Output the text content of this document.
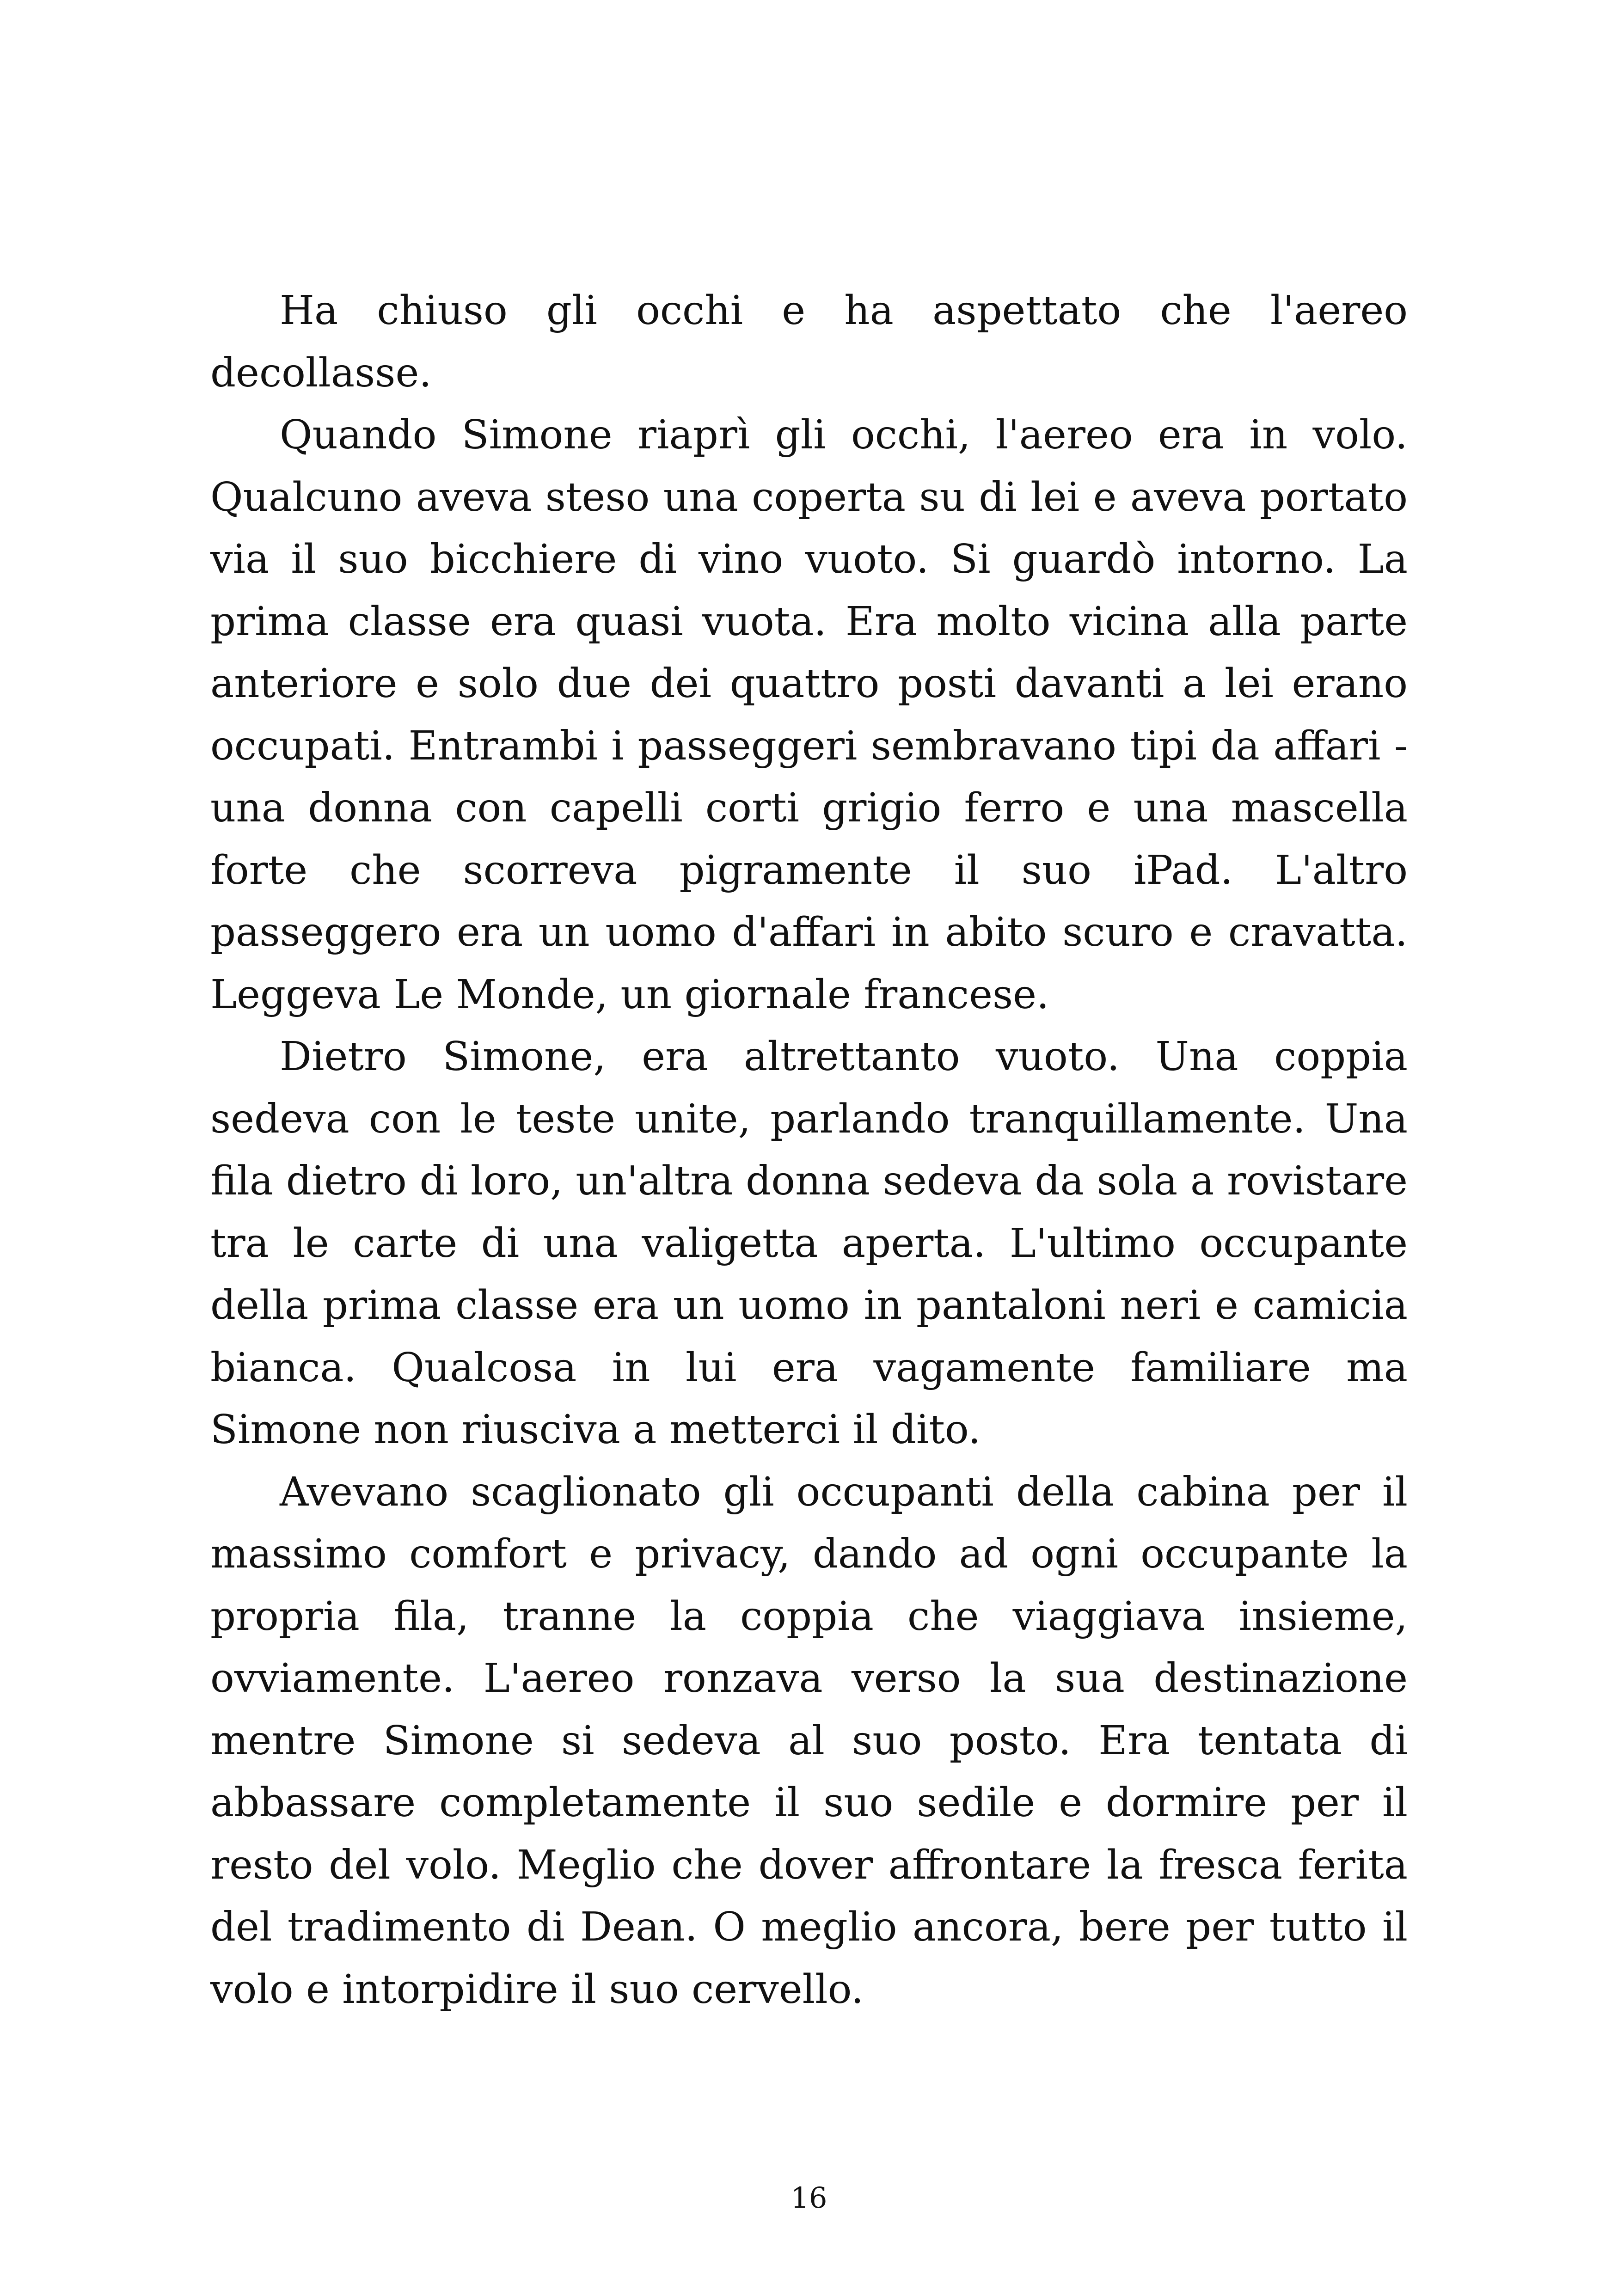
Ha chiuso gli occhi e ha aspettato che l'aereo decollasse.

Quando Simone riaprì gli occhi, l'aereo era in volo. Qualcuno aveva steso una coperta su di lei e aveva portato via il suo bicchiere di vino vuoto. Si guardò intorno. La prima classe era quasi vuota. Era molto vicina alla parte anteriore e solo due dei quattro posti davanti a lei erano occupati. Entrambi i passeggeri sembravano tipi da affari - una donna con capelli corti grigio ferro e una mascella forte che scorreva pigramente il suo iPad. L'altro passeggero era un uomo d'affari in abito scuro e cravatta. Leggeva Le Monde, un giornale francese.

Dietro Simone, era altrettanto vuoto. Una coppia sedeva con le teste unite, parlando tranquillamente. Una fila dietro di loro, un'altra donna sedeva da sola a rovistare tra le carte di una valigetta aperta. L'ultimo occupante della prima classe era un uomo in pantaloni neri e camicia bianca. Qualcosa in lui era vagamente familiare ma Simone non riusciva a metterci il dito.

Avevano scaglionato gli occupanti della cabina per il massimo comfort e privacy, dando ad ogni occupante la propria fila, tranne la coppia che viaggiava insieme, ovviamente. L'aereo ronzava verso la sua destinazione mentre Simone si sedeva al suo posto. Era tentata di abbassare completamente il suo sedile e dormire per il resto del volo. Meglio che dover affrontare la fresca ferita del tradimento di Dean. O meglio ancora, bere per tutto il volo e intorpidire il suo cervello.

16
